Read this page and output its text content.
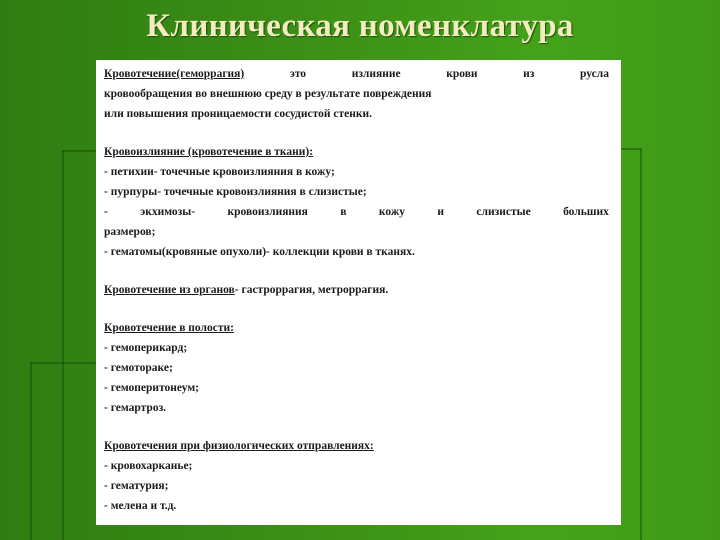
Клиническая номенклатура
Кровотечение(геморрагия)	это	излияние	крови	из	русла
кровообращения во внешнюю среду в результате повреждения
или повышения проницаемости сосудистой стенки.
Кровоизлияние (кровотечение в ткани):
- петихии- точечные кровоизлияния в кожу;
- пурпуры- точечные кровоизлияния в слизистые;
-	экхимозы-	кровоизлияния	в	кожу	и	слизистые	больших
размеров;
- гематомы(кровяные опухоли)- коллекции крови в тканях.
Кровотечение из органов- гастроррагия, метроррагия.
Кровотечение в полости:
- гемоперикард;
- гемотораке;
- гемоперитонеум;
- гемартроз.
Кровотечения при физиологических отправлениях:
- кровохарканье;
- гематурия;
- мелена и т.д.
